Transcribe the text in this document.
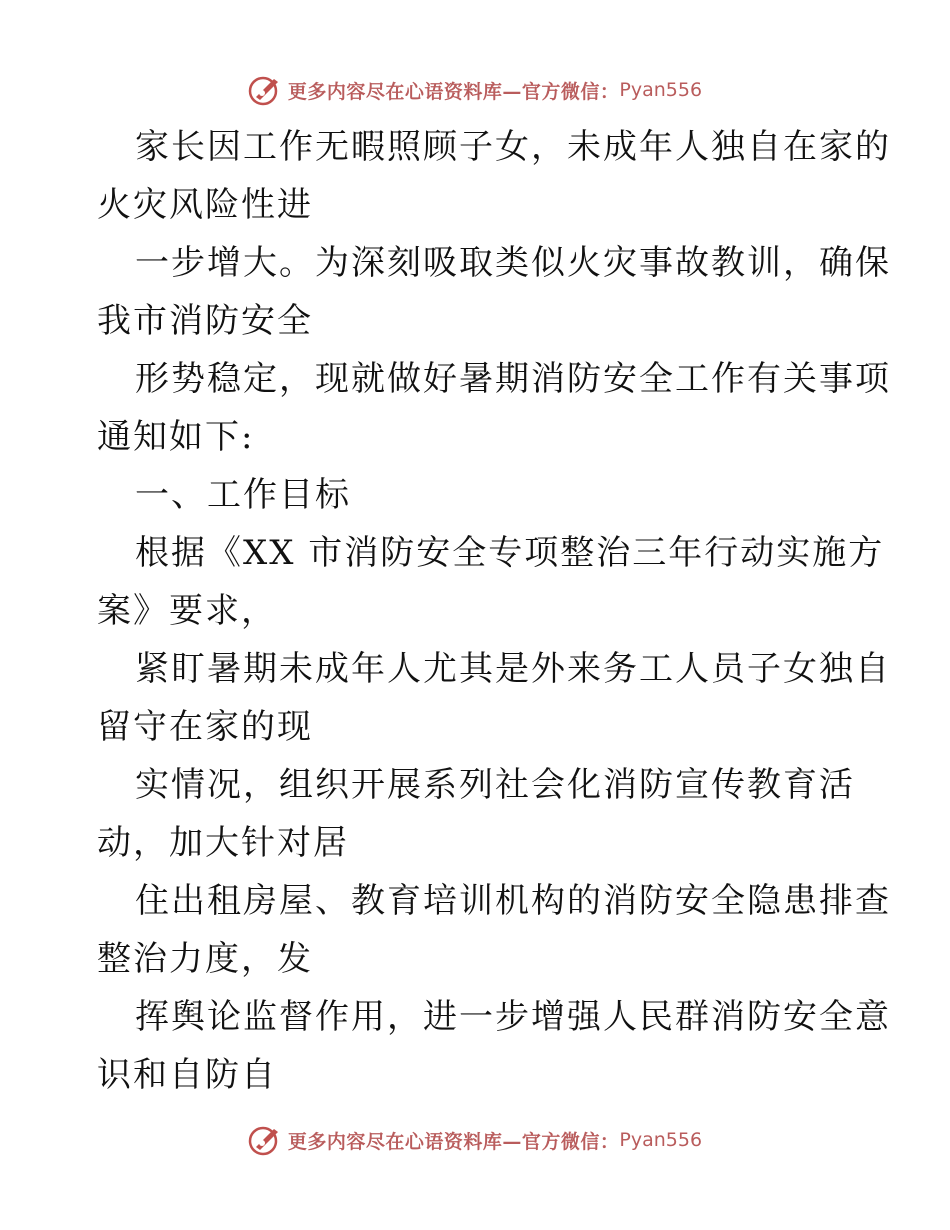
更多内容尽在心语资料库—官方微信： Pyan556
家长因工作无暇照顾子女，未成年人独自在家的
火灾风险性进
一步增大。为深刻吸取类似火灾事故教训，确保
我市消防安全
形势稳定，现就做好暑期消防安全工作有关事项
通知如下:
一、工作目标
根据《XX 市消防安全专项整治三年行动实施方
案》要求，
紧盯暑期未成年人尤其是外来务工人员子女独自
留守在家的现
实情况，组织开展系列社会化消防宣传教育活
动，加大针对居
住出租房屋、教育培训机构的消防安全隐患排查
整治力度，发
挥舆论监督作用，进一步增强人民群消防安全意
识和自防自
更多内容尽在心语资料库—官方微信： Pyan556
